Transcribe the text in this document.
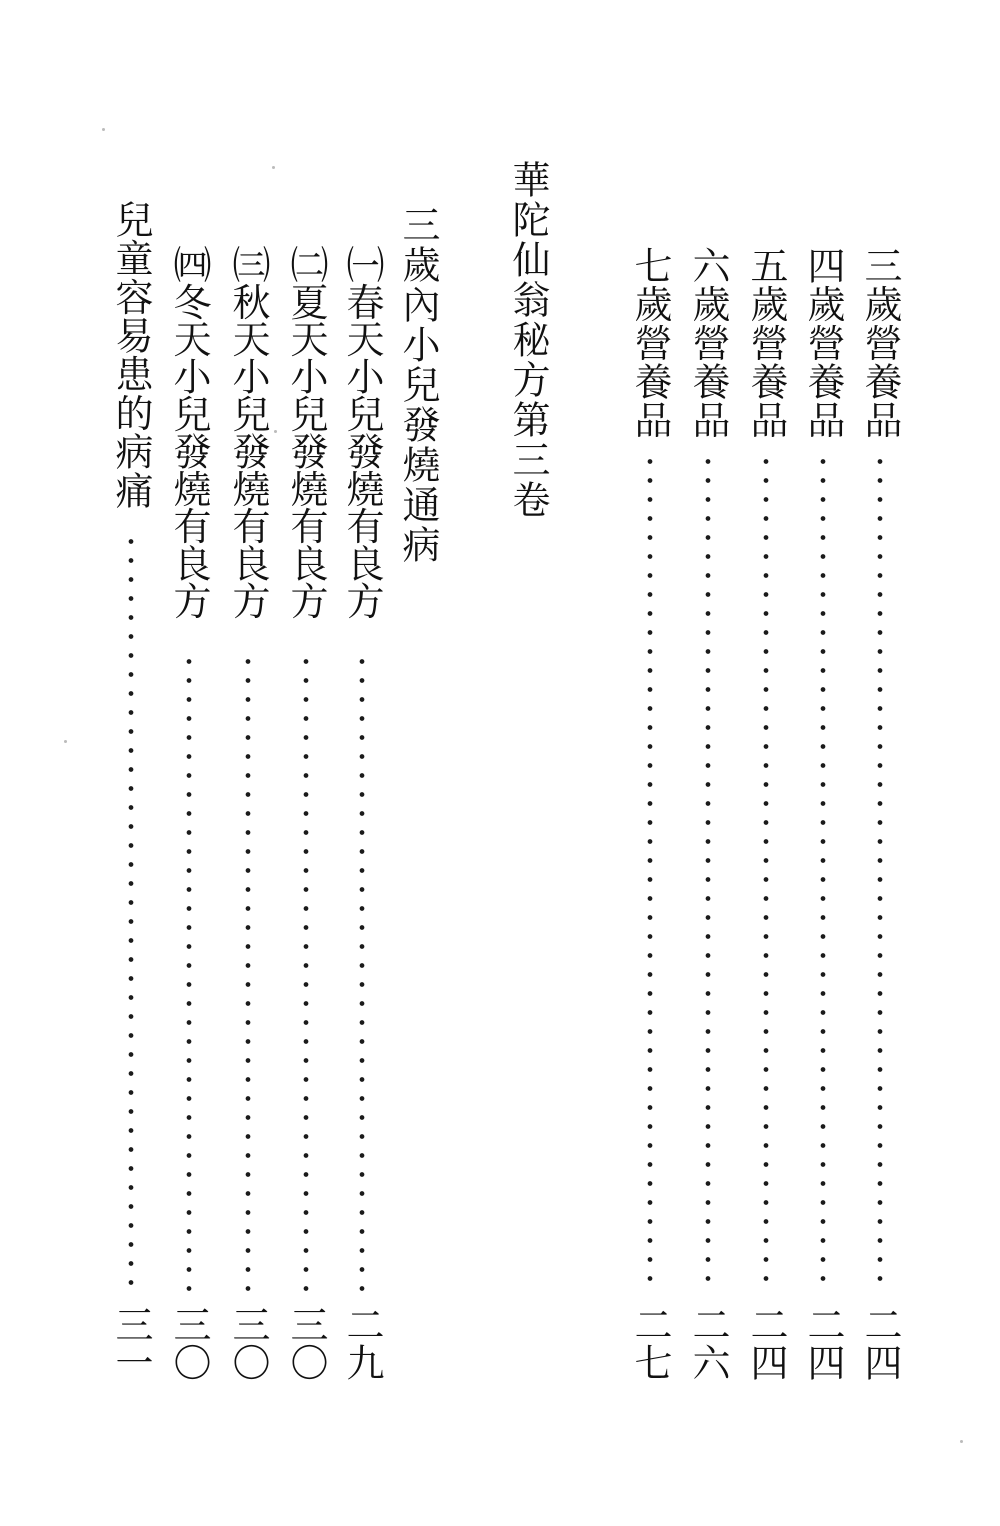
三歲營養品
二四
四歲營養品
二四
五歲營養品
二四
六歲營養品
二六
七歲營養品
二七
華陀仙翁秘方第三卷
三歲內小兒發燒通病
㈠春天小兒發燒有良方
二九
㈡夏天小兒發燒有良方
三〇
㈢秋天小兒發燒有良方
三〇
㈣冬天小兒發燒有良方
三〇
兒童容易患的病痛
三一
